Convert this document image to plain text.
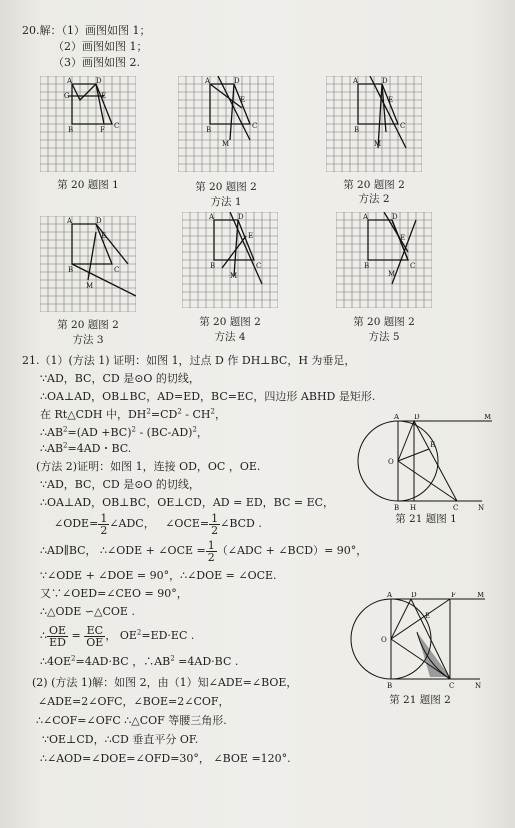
20.解：（1）画图如图 1；
（2）画图如图 1；
（3）画图如图 2.
A	D
G	E
B	C
F
第 20 题图 1
A	D
E
B	C
M
第 20 题图 2
方法 1
A	D
E
B	C
M
第 20 题图 2
方法 2
A	D
E
B	C
M
第 20 题图 2
方法 3
A	D
E
B	C
M
第 20 题图 2
方法 4
A	D
E
B	C
M
第 20 题图 2
方法 5
21.（1）(方法 1) 证明：如图 1，过点 D 作 DH⊥BC，H 为垂足，
∵AD，BC，CD 是⊙O 的切线，
∴OA⊥AD，OB⊥BC，AD=ED，BC=EC，四边形 ABHD 是矩形.
在 Rt△CDH 中，$DH^2=CD^2 - CH^2$，
$\therefore AB^2=(AD +BC)^2 - (BC-AD)^2$，
$\therefore AB^2=4AD$・BC.
(方法 2)证明：如图 1，连接 OD，OC ，OE.
∵AD，BC，CD 是⊙O 的切线，
∴OA⊥AD，OB⊥BC，OE⊥CD，AD = ED，BC = EC，
∠ODE= $\frac{1}{2}$ ∠ADC， ∠OCE= $\frac{1}{2}$ ∠BCD .
∴AD∥BC， ∴∠ODE + ∠OCE = $\frac{1}{2}$ （∠ADC + ∠BCD）= 90°，
∵∠ODE + ∠DOE = 90°，∴∠DOE = ∠OCE.
又∵∠OED=∠CEO = 90°，
∴△ODE ∽△COE .
∴ $\frac{OE}{ED} = \frac{EC}{OE}$ ， $OE^2=ED\cdot EC$ .
$\therefore 4OE^2=4AD\cdot BC$ ，$\therefore AB^2 =4AD\cdot BC$ .
(2) (方法 1)解：如图 2，由（1）知∠ADE=∠BOE，
∠ADE=2∠OFC，∠BOE=2∠COF，
∴∠COF=∠OFC ∴△COF 等腰三角形.
∵OE⊥CD，∴CD 垂直平分 OF.
∴∠AOD=∠DOE=∠OFD=30°， ∠BOE =120°.
A D	M
E
O
B H	C	N
第 21 题图 1
A	D	F	M
E
O
B	C	N
第 21 题图 2
